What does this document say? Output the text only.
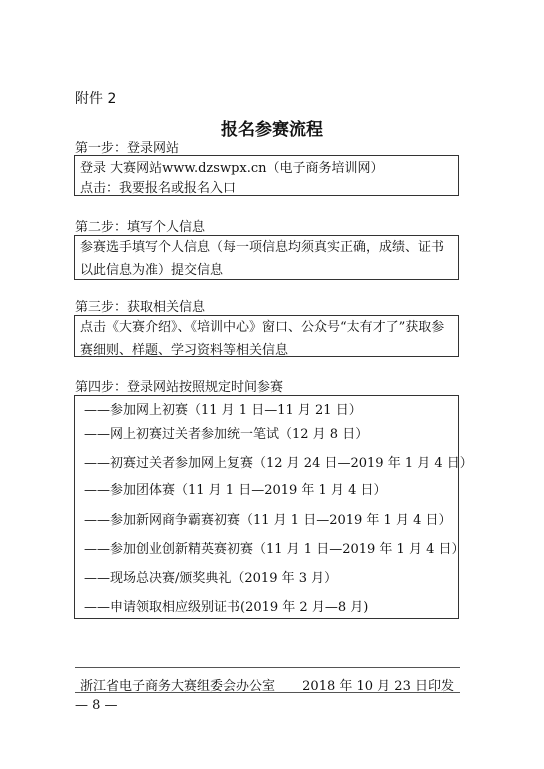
附件 2
报名参赛流程
第一步：登录网站
登录 大赛网站www.dzswpx.cn（电子商务培训网）
点击：我要报名或报名入口
第二步：填写个人信息
参赛选手填写个人信息（每一项信息均须真实正确，成绩、证书以此信息为准）提交信息
第三步：获取相关信息
点击《大赛介绍》、《培训中心》窗口、公众号“太有才了”获取参赛细则、样题、学习资料等相关信息
第四步：登录网站按照规定时间参赛
——参加网上初赛（11 月 1 日—11 月 21 日）
——网上初赛过关者参加统一笔试（12 月 8 日）
——初赛过关者参加网上复赛（12 月 24 日—2019 年 1 月 4 日）
——参加团体赛（11 月 1 日—2019 年 1 月 4 日）
——参加新网商争霸赛初赛（11 月 1 日—2019 年 1 月 4 日）
——参加创业创新精英赛初赛（11 月 1 日—2019 年 1 月 4 日）
——现场总决赛/颁奖典礼（2019 年 3 月）
——申请领取相应级别证书(2019 年 2 月—8 月)
浙江省电子商务大赛组委会办公室 2018 年 10 月 23 日印发
— 8 —
